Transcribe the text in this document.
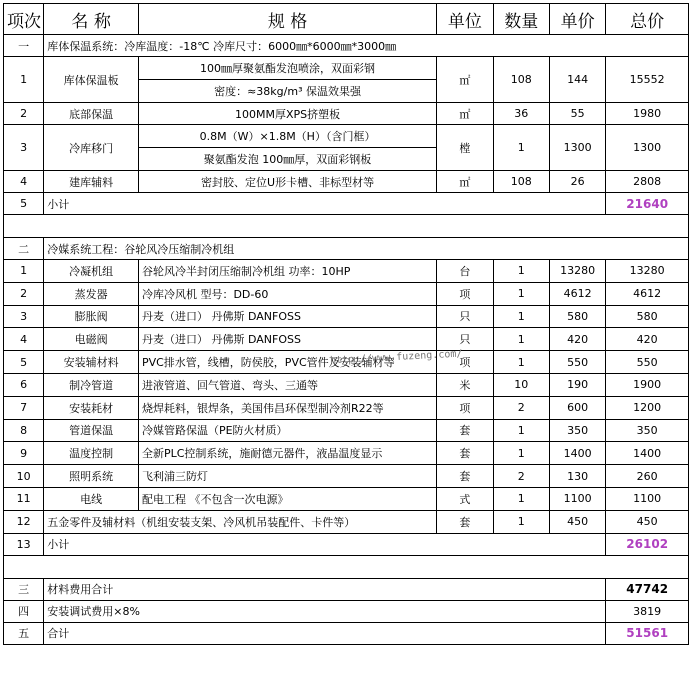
项次	名 称	规 格	单位	数量	单价	总价
一	库体保温系统：冷库温度：-18℃ 冷库尺寸：6000㎜*6000㎜*3000㎜					
1	库体保温板	100㎜厚聚氨酯发泡喷涂，双面彩钢	㎡	108	144	15552
		密度：≈38kg/m³ 保温效果强				
2	底部保温	100MM厚XPS挤塑板	㎡	36	55	1980
3	冷库移门	0.8M（W）×1.8M（H）（含门框）	樘	1	1300	1300
		聚氨酯发泡 100㎜厚，双面彩钢板				
4	建库辅料	密封胶、定位U形卡槽、非标型材等	㎡	108	26	2808
5	小计					21640

二	冷媒系统工程：谷轮风冷压缩制冷机组					
1	冷凝机组	谷轮风冷半封闭压缩制冷机组 功率：10HP	台	1	13280	13280
2	蒸发器	冷库冷风机 型号：DD-60	项	1	4612	4612
3	膨胀阀	丹麦（进口） 丹佛斯 DANFOSS	只	1	580	580
4	电磁阀	丹麦（进口） 丹佛斯 DANFOSS	只	1	420	420
5	安装辅材料	PVC排水管，线槽，防侯胶，PVC管件及安装辅材等	项	1	550	550
6	制冷管道	进液管道、回气管道、弯头、三通等	米	10	190	1900
7	安装耗材	烧焊耗料，银焊条，美国伟昌环保型制冷剂R22等	项	2	600	1200
8	管道保温	冷媒管路保温（PE防火材质）	套	1	350	350
9	温度控制	全新PLC控制系统，施耐德元器件，液晶温度显示	套	1	1400	1400
10	照明系统	飞利浦三防灯	套	2	130	260
11	电线	配电工程 《不包含一次电源》	式	1	1100	1100
12	五金零件及辅材料（机组安装支架、冷风机吊装配件、卡件等）		套	1	450	450
13	小计					26102

三	材料费用合计					47742
四	安装调试费用×8%					3819
五	合计					51561
http://www.fuzeng.com/
